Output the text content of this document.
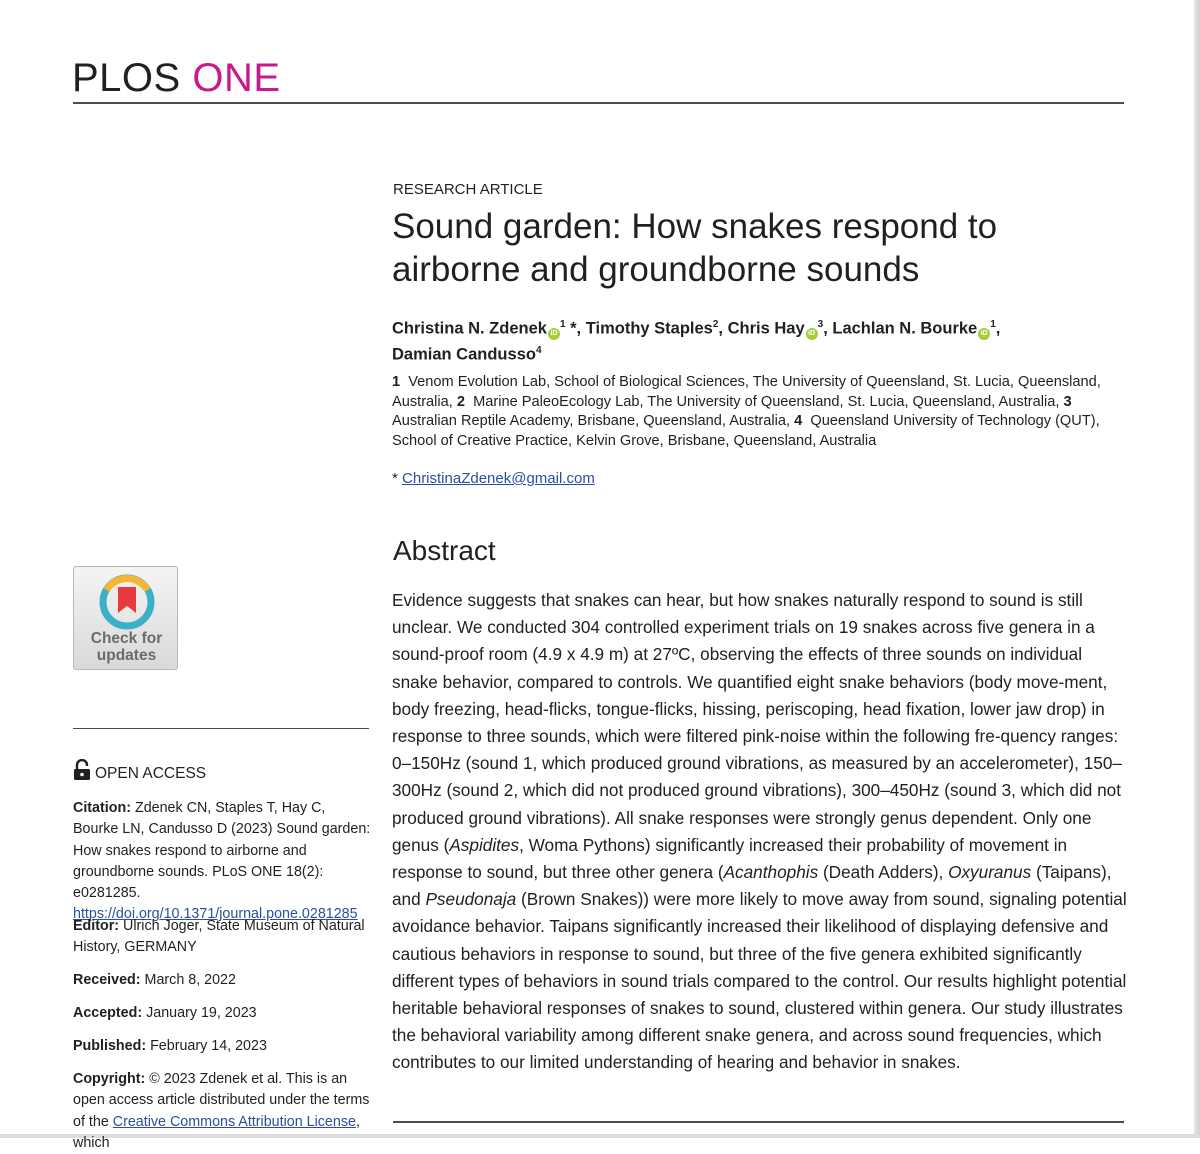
PLOS ONE
RESEARCH ARTICLE
Sound garden: How snakes respond to airborne and groundborne sounds
Christina N. Zdenek $iD^1$ *, Timothy Staples$^2$, Chris Hay $iD^3$, Lachlan N. Bourke $iD^1$,
Damian Candusso$^4$
1 Venom Evolution Lab, School of Biological Sciences, The University of Queensland, St. Lucia, Queensland, Australia, 2 Marine PaleoEcology Lab, The University of Queensland, St. Lucia, Queensland, Australia, 3  Australian Reptile Academy, Brisbane, Queensland, Australia, 4 Queensland University of Technology (QUT), School of Creative Practice, Kelvin Grove, Brisbane, Queensland, Australia
* ChristinaZdenek@gmail.com
Abstract
Evidence suggests that snakes can hear, but how snakes naturally respond to sound is still unclear. We conducted 304 controlled experiment trials on 19 snakes across five genera in a sound-proof room (4.9 x 4.9 m) at 27ºC, observing the effects of three sounds on individual snake behavior, compared to controls. We quantified eight snake behaviors (body move-ment, body freezing, head-flicks, tongue-flicks, hissing, periscoping, head fixation, lower jaw drop) in response to three sounds, which were filtered pink-noise within the following fre-quency ranges: 0–150Hz (sound 1, which produced ground vibrations, as measured by an accelerometer), 150–300Hz (sound 2, which did not produced ground vibrations), 300–450Hz (sound 3, which did not produced ground vibrations). All snake responses were strongly genus dependent. Only one genus (Aspidites, Woma Pythons) significantly increased their probability of movement in response to sound, but three other genera (Acanthophis (Death Adders), Oxyuranus (Taipans), and Pseudonaja (Brown Snakes)) were more likely to move away from sound, signaling potential avoidance behavior. Taipans significantly increased their likelihood of displaying defensive and cautious behaviors in response to sound, but three of the five genera exhibited significantly different types of behaviors in sound trials compared to the control. Our results highlight potential heritable behavioral responses of snakes to sound, clustered within genera. Our study illustrates the behavioral variability among different snake genera, and across sound frequencies, which contributes to our limited understanding of hearing and behavior in snakes.
Check for
updates
OPEN ACCESS
Citation: Zdenek CN, Staples T, Hay C, Bourke LN, Candusso D (2023) Sound garden: How snakes respond to airborne and groundborne sounds. PLoS ONE 18(2): e0281285. https://doi.org/10.1371/journal.pone.0281285
Editor: Ulrich Joger, State Museum of Natural History, GERMANY
Received: March 8, 2022
Accepted: January 19, 2023
Published: February 14, 2023
Copyright: © 2023 Zdenek et al. This is an open access article distributed under the terms of the Creative Commons Attribution License, which
